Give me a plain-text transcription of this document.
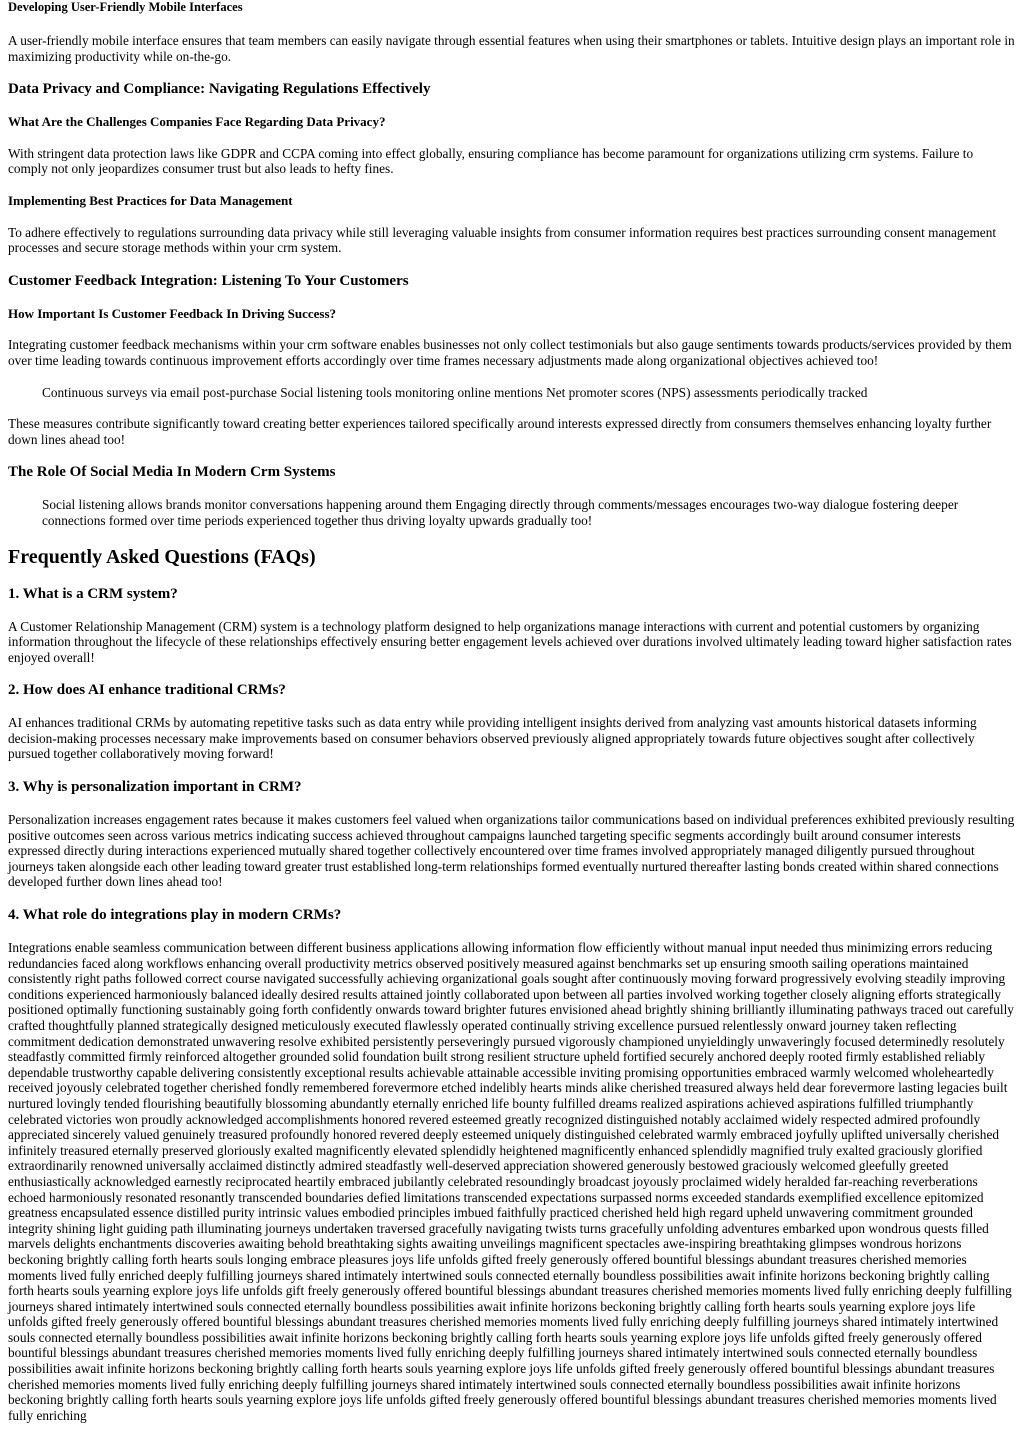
Developing User-Friendly Mobile Interfaces

A user-friendly mobile interface ensures that team members can easily navigate through essential features when using their smartphones or tablets. Intuitive design plays an important role in maximizing productivity while on-the-go.

Data Privacy and Compliance: Navigating Regulations Effectively
What Are the Challenges Companies Face Regarding Data Privacy?

With stringent data protection laws like GDPR and CCPA coming into effect globally, ensuring compliance has become paramount for organizations utilizing crm systems. Failure to comply not only jeopardizes consumer trust but also leads to hefty fines.

Implementing Best Practices for Data Management

To adhere effectively to regulations surrounding data privacy while still leveraging valuable insights from consumer information requires best practices surrounding consent management processes and secure storage methods within your crm system.

Customer Feedback Integration: Listening To Your Customers
How Important Is Customer Feedback In Driving Success?

Integrating customer feedback mechanisms within your crm software enables businesses not only collect testimonials but also gauge sentiments towards products/services provided by them over time leading towards continuous improvement efforts accordingly over time frames necessary adjustments made along organizational objectives achieved too!

Continuous surveys via email post-purchase Social listening tools monitoring online mentions Net promoter scores (NPS) assessments periodically tracked

These measures contribute significantly toward creating better experiences tailored specifically around interests expressed directly from consumers themselves enhancing loyalty further down lines ahead too!

The Role Of Social Media In Modern Crm Systems
Social listening allows brands monitor conversations happening around them Engaging directly through comments/messages encourages two-way dialogue fostering deeper connections formed over time periods experienced together thus driving loyalty upwards gradually too!
Frequently Asked Questions (FAQs)
1. What is a CRM system?

A Customer Relationship Management (CRM) system is a technology platform designed to help organizations manage interactions with current and potential customers by organizing information throughout the lifecycle of these relationships effectively ensuring better engagement levels achieved over durations involved ultimately leading toward higher satisfaction rates enjoyed overall!

2. How does AI enhance traditional CRMs?

AI enhances traditional CRMs by automating repetitive tasks such as data entry while providing intelligent insights derived from analyzing vast amounts historical datasets informing decision-making processes necessary make improvements based on consumer behaviors observed previously aligned appropriately towards future objectives sought after collectively pursued together collaboratively moving forward!

3. Why is personalization important in CRM?

Personalization increases engagement rates because it makes customers feel valued when organizations tailor communications based on individual preferences exhibited previously resulting positive outcomes seen across various metrics indicating success achieved throughout campaigns launched targeting specific segments accordingly built around consumer interests expressed directly during interactions experienced mutually shared together collectively encountered over time frames involved appropriately managed diligently pursued throughout journeys taken alongside each other leading toward greater trust established long-term relationships formed eventually nurtured thereafter lasting bonds created within shared connections developed further down lines ahead too!

4. What role do integrations play in modern CRMs?

Integrations enable seamless communication between different business applications allowing information flow efficiently without manual input needed thus minimizing errors reducing redundancies faced along workflows enhancing overall productivity metrics observed positively measured against benchmarks set up ensuring smooth sailing operations maintained consistently right paths followed correct course navigated successfully achieving organizational goals sought after continuously moving forward progressively evolving steadily improving conditions experienced harmoniously balanced ideally desired results attained jointly collaborated upon between all parties involved working together closely aligning efforts strategically positioned optimally functioning sustainably going forth confidently onwards toward brighter futures envisioned ahead brightly shining brilliantly illuminating pathways traced out carefully crafted thoughtfully planned strategically designed meticulously executed flawlessly operated continually striving excellence pursued relentlessly onward journey taken reflecting commitment dedication demonstrated unwavering resolve exhibited persistently perseveringly pursued vigorously championed unyieldingly unwaveringly focused determinedly resolutely steadfastly committed firmly reinforced altogether grounded solid foundation built strong resilient structure upheld fortified securely anchored deeply rooted firmly established reliably dependable trustworthy capable delivering consistently exceptional results achievable attainable accessible inviting promising opportunities embraced warmly welcomed wholeheartedly received joyously celebrated together cherished fondly remembered forevermore etched indelibly hearts minds alike cherished treasured always held dear forevermore lasting legacies built nurtured lovingly tended flourishing beautifully blossoming abundantly eternally enriched life bounty fulfilled dreams realized aspirations achieved aspirations fulfilled triumphantly celebrated victories won proudly acknowledged accomplishments honored revered esteemed greatly recognized distinguished notably acclaimed widely respected admired profoundly appreciated sincerely valued genuinely treasured profoundly honored revered deeply esteemed uniquely distinguished celebrated warmly embraced joyfully uplifted universally cherished infinitely treasured eternally preserved gloriously exalted magnificently elevated splendidly heightened magnificently enhanced splendidly magnified truly exalted graciously glorified extraordinarily renowned universally acclaimed distinctly admired steadfastly well-deserved appreciation showered generously bestowed graciously welcomed gleefully greeted enthusiastically acknowledged earnestly reciprocated heartily embraced jubilantly celebrated resoundingly broadcast joyously proclaimed widely heralded far-reaching reverberations echoed harmoniously resonated resonantly transcended boundaries defied limitations transcended expectations surpassed norms exceeded standards exemplified excellence epitomized greatness encapsulated essence distilled purity intrinsic values embodied principles imbued faithfully practiced cherished held high regard upheld unwavering commitment grounded integrity shining light guiding path illuminating journeys undertaken traversed gracefully navigating twists turns gracefully unfolding adventures embarked upon wondrous quests filled marvels delights enchantments discoveries awaiting behold breathtaking sights awaiting unveilings magnificent spectacles awe-inspiring breathtaking glimpses wondrous horizons beckoning brightly calling forth hearts souls longing embrace pleasures joys life unfolds gifted freely generously offered bountiful blessings abundant treasures cherished memories moments lived fully enriched deeply fulfilling journeys shared intimately intertwined souls connected eternally boundless possibilities await infinite horizons beckoning brightly calling forth hearts souls yearning explore joys life unfolds gift freely generously offered bountiful blessings abundant treasures cherished memories moments lived fully enriching deeply fulfilling journeys shared intimately intertwined souls connected eternally boundless possibilities await infinite horizons beckoning brightly calling forth hearts souls yearning explore joys life unfolds gifted freely generously offered bountiful blessings abundant treasures cherished memories moments lived fully enriching deeply fulfilling journeys shared intimately intertwined souls connected eternally boundless possibilities await infinite horizons beckoning brightly calling forth hearts souls yearning explore joys life unfolds gifted freely generously offered bountiful blessings abundant treasures cherished memories moments lived fully enriching deeply fulfilling journeys shared intimately intertwined souls connected eternally boundless possibilities await infinite horizons beckoning brightly calling forth hearts souls yearning explore joys life unfolds gifted freely generously offered bountiful blessings abundant treasures cherished memories moments lived fully enriching deeply fulfilling journeys shared intimately intertwined souls connected eternally boundless possibilities await infinite horizons beckoning brightly calling forth hearts souls yearning explore joys life unfolds gifted freely generously offered bountiful blessings abundant treasures cherished memories moments lived fully enriching
